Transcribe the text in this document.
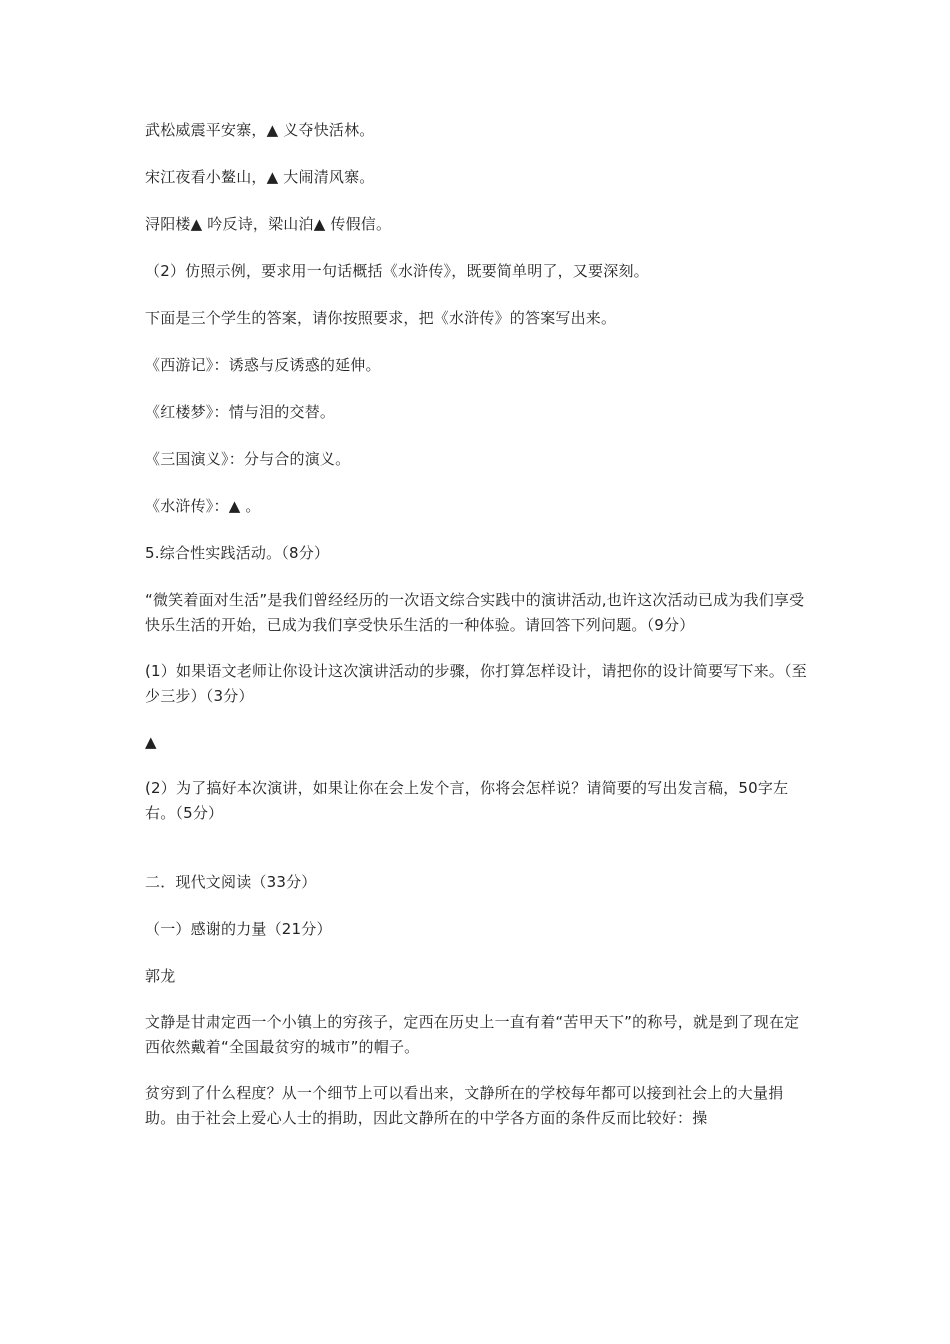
武松威震平安寨，▲ 义夺快活林。

宋江夜看小鳌山，▲ 大闹清风寨。

浔阳楼▲ 吟反诗，梁山泊▲ 传假信。

（2）仿照示例，要求用一句话概括《水浒传》，既要简单明了，又要深刻。

下面是三个学生的答案，请你按照要求，把《水浒传》的答案写出来。

《西游记》：诱惑与反诱惑的延伸。

《红楼梦》：情与泪的交替。

《三国演义》：分与合的演义。

《水浒传》：▲ 。

5.综合性实践活动。（8分）

“微笑着面对生活”是我们曾经经历的一次语文综合实践中的演讲活动,也许这次活动已成为我们享受快乐生活的开始，已成为我们享受快乐生活的一种体验。请回答下列问题。（9分）

(1）如果语文老师让你设计这次演讲活动的步骤，你打算怎样设计，请把你的设计简要写下来。（至少三步）（3分）

▲

(2）为了搞好本次演讲，如果让你在会上发个言，你将会怎样说？请简要的写出发言稿，50字左右。（5分）

二．现代文阅读（33分）

（一）感谢的力量（21分）

郭龙

文静是甘肃定西一个小镇上的穷孩子，定西在历史上一直有着“苦甲天下”的称号，就是到了现在定西依然戴着“全国最贫穷的城市”的帽子。

贫穷到了什么程度？从一个细节上可以看出来，文静所在的学校每年都可以接到社会上的大量捐助。由于社会上爱心人士的捐助，因此文静所在的中学各方面的条件反而比较好：操
